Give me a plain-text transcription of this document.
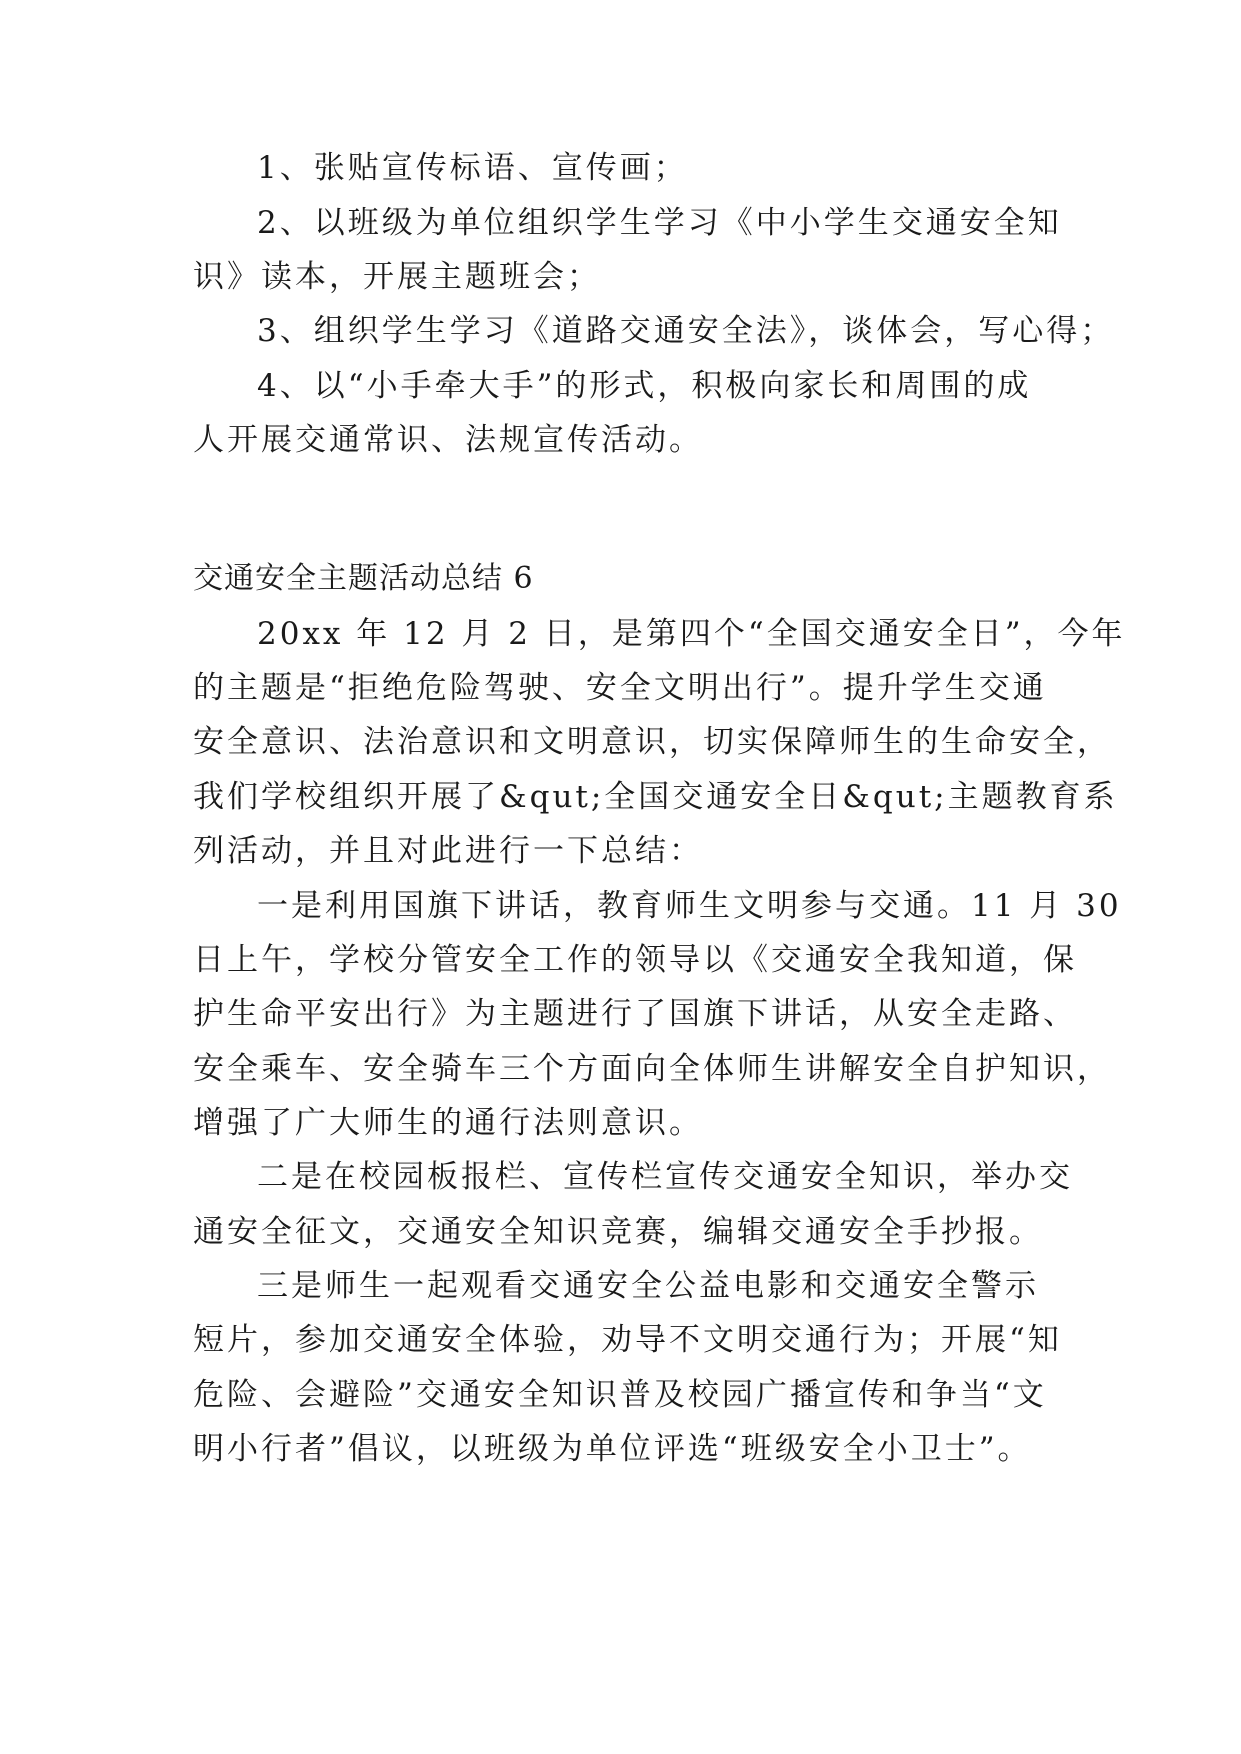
1、张贴宣传标语、宣传画；
2、以班级为单位组织学生学习《中小学生交通安全知
识》读本，开展主题班会；
3、组织学生学习《道路交通安全法》，谈体会，写心得；
4、以“小手牵大手”的形式，积极向家长和周围的成
人开展交通常识、法规宣传活动。
交通安全主题活动总结 6
20xx 年 12 月 2 日，是第四个“全国交通安全日”，今年
的主题是“拒绝危险驾驶、安全文明出行”。提升学生交通
安全意识、法治意识和文明意识，切实保障师生的生命安全，
我们学校组织开展了&qut;全国交通安全日&qut;主题教育系
列活动，并且对此进行一下总结：
一是利用国旗下讲话，教育师生文明参与交通。11 月 30
日上午，学校分管安全工作的领导以《交通安全我知道，保
护生命平安出行》为主题进行了国旗下讲话，从安全走路、
安全乘车、安全骑车三个方面向全体师生讲解安全自护知识，
增强了广大师生的通行法则意识。
二是在校园板报栏、宣传栏宣传交通安全知识，举办交
通安全征文，交通安全知识竞赛，编辑交通安全手抄报。
三是师生一起观看交通安全公益电影和交通安全警示
短片，参加交通安全体验，劝导不文明交通行为；开展“知
危险、会避险”交通安全知识普及校园广播宣传和争当“文
明小行者”倡议，以班级为单位评选“班级安全小卫士”。
